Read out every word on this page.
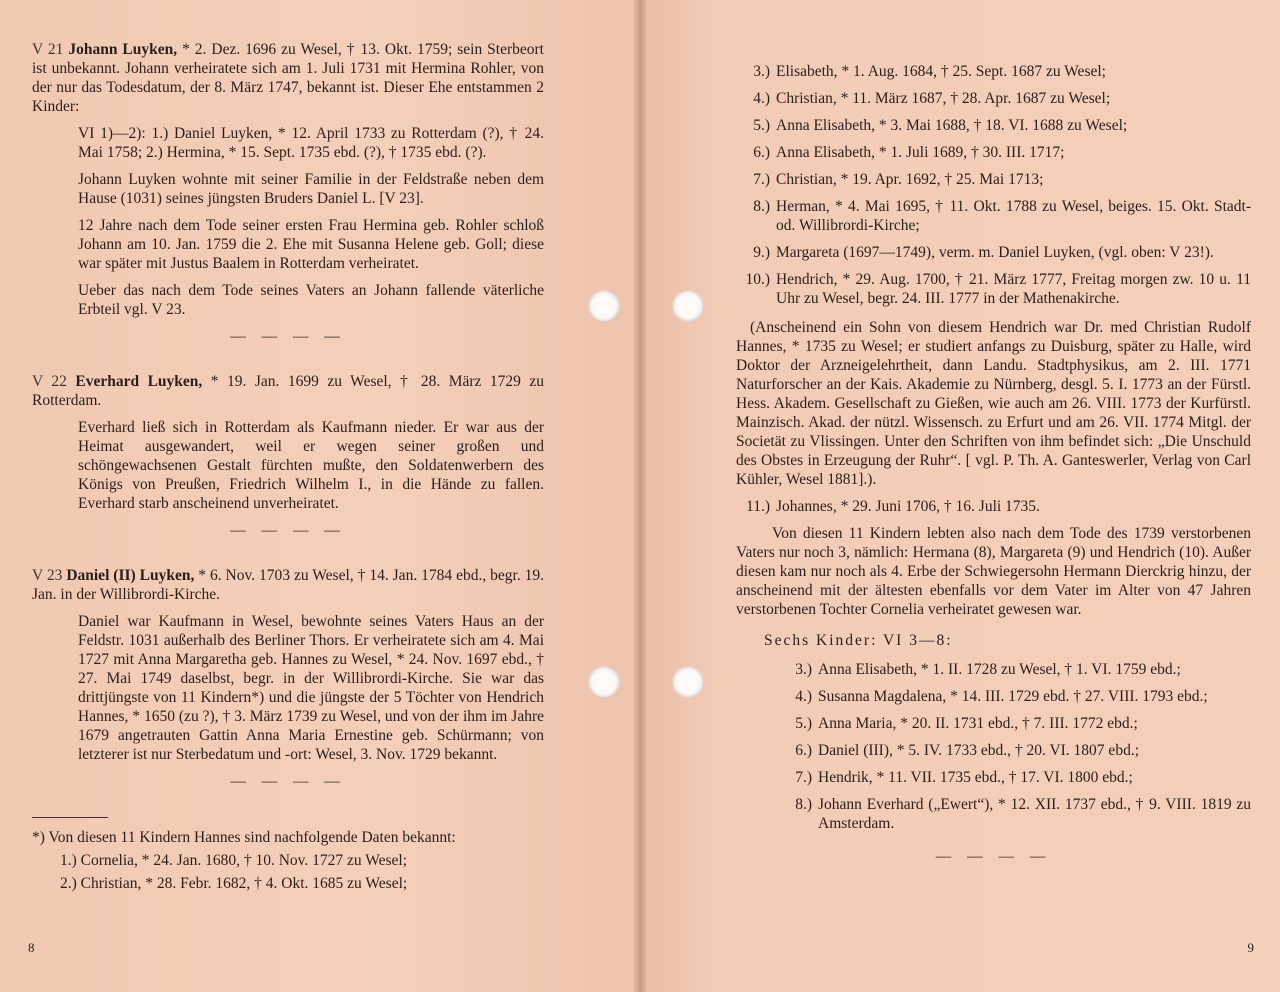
V 21 Johann Luyken, * 2. Dez. 1696 zu Wesel, † 13. Okt. 1759; sein Sterbeort ist unbekannt. Johann verheiratete sich am 1. Juli 1731 mit Hermina Rohler, von der nur das Todesdatum, der 8. März 1747, bekannt ist. Dieser Ehe entstammen 2 Kinder:

VI 1)—2): 1.) Daniel Luyken, * 12. April 1733 zu Rotterdam (?), † 24. Mai 1758; 2.) Hermina, * 15. Sept. 1735 ebd. (?), † 1735 ebd. (?).

Johann Luyken wohnte mit seiner Familie in der Feldstraße neben dem Hause (1031) seines jüngsten Bruders Daniel L. [V 23].

12 Jahre nach dem Tode seiner ersten Frau Hermina geb. Rohler schloß Johann am 10. Jan. 1759 die 2. Ehe mit Susanna Helene geb. Goll; diese war später mit Justus Baalem in Rotterdam verheiratet.

Ueber das nach dem Tode seines Vaters an Johann fallende väterliche Erbteil vgl. V 23.

— — — —

V 22 Everhard Luyken, * 19. Jan. 1699 zu Wesel, † 28. März 1729 zu Rotterdam.

Everhard ließ sich in Rotterdam als Kaufmann nieder. Er war aus der Heimat ausgewandert, weil er wegen seiner großen und schöngewachsenen Gestalt fürchten mußte, den Soldatenwerbern des Königs von Preußen, Friedrich Wilhelm I., in die Hände zu fallen. Everhard starb anscheinend unverheiratet.

— — — —

V 23 Daniel (II) Luyken, * 6. Nov. 1703 zu Wesel, † 14. Jan. 1784 ebd., begr. 19. Jan. in der Willibrordi-Kirche.

Daniel war Kaufmann in Wesel, bewohnte seines Vaters Haus an der Feldstr. 1031 außerhalb des Berliner Thors. Er verheiratete sich am 4. Mai 1727 mit Anna Margaretha geb. Hannes zu Wesel, * 24. Nov. 1697 ebd., † 27. Mai 1749 daselbst, begr. in der Willibrordi-Kirche. Sie war das drittjüngste von 11 Kindern*) und die jüngste der 5 Töchter von Hendrich Hannes, * 1650 (zu ?), † 3. März 1739 zu Wesel, und von der ihm im Jahre 1679 angetrauten Gattin Anna Maria Ernestine geb. Schürmann; von letzterer ist nur Sterbedatum und -ort: Wesel, 3. Nov. 1729 bekannt.

— — — —

*) Von diesen 11 Kindern Hannes sind nachfolgende Daten bekannt:

1.) Cornelia, * 24. Jan. 1680, † 10. Nov. 1727 zu Wesel;

2.) Christian, * 28. Febr. 1682, † 4. Okt. 1685 zu Wesel;

8
3.) Elisabeth, * 1. Aug. 1684, † 25. Sept. 1687 zu Wesel;
4.) Christian, * 11. März 1687, † 28. Apr. 1687 zu Wesel;
5.) Anna Elisabeth, * 3. Mai 1688, † 18. VI. 1688 zu Wesel;
6.) Anna Elisabeth, * 1. Juli 1689, † 30. III. 1717;
7.) Christian, * 19. Apr. 1692, † 25. Mai 1713;
8.) Herman, * 4. Mai 1695, † 11. Okt. 1788 zu Wesel, beiges. 15. Okt. Stadt- od. Willibrordi-Kirche;
9.) Margareta (1697—1749), verm. m. Daniel Luyken, (vgl. oben: V 23!).
10.) Hendrich, * 29. Aug. 1700, † 21. März 1777, Freitag morgen zw. 10 u. 11 Uhr zu Wesel, begr. 24. III. 1777 in der Mathenakirche.

(Anscheinend ein Sohn von diesem Hendrich war Dr. med Christian Rudolf Hannes, * 1735 zu Wesel; er studiert anfangs zu Duisburg, später zu Halle, wird Doktor der Arzneigelehrtheit, dann Landu. Stadtphysikus, am 2. III. 1771 Naturforscher an der Kais. Akademie zu Nürnberg, desgl. 5. I. 1773 an der Fürstl. Hess. Akadem. Gesellschaft zu Gießen, wie auch am 26. VIII. 1773 der Kurfürstl. Mainzisch. Akad. der nützl. Wissensch. zu Erfurt und am 26. VII. 1774 Mitgl. der Societät zu Vlissingen. Unter den Schriften von ihm befindet sich: „Die Unschuld des Obstes in Erzeugung der Ruhr“. [ vgl. P. Th. A. Ganteswerler, Verlag von Carl Kühler, Wesel 1881].).

11.) Johannes, * 29. Juni 1706, † 16. Juli 1735.

Von diesen 11 Kindern lebten also nach dem Tode des 1739 verstorbenen Vaters nur noch 3, nämlich: Hermana (8), Margareta (9) und Hendrich (10). Außer diesen kam nur noch als 4. Erbe der Schwiegersohn Hermann Dierckrig hinzu, der anscheinend mit der ältesten ebenfalls vor dem Vater im Alter von 47 Jahren verstorbenen Tochter Cornelia verheiratet gewesen war.

Sechs Kinder: VI 3—8:
3.) Anna Elisabeth, * 1. II. 1728 zu Wesel, † 1. VI. 1759 ebd.;
4.) Susanna Magdalena, * 14. III. 1729 ebd. † 27. VIII. 1793 ebd.;
5.) Anna Maria, * 20. II. 1731 ebd., † 7. III. 1772 ebd.;
6.) Daniel (III), * 5. IV. 1733 ebd., † 20. VI. 1807 ebd.;
7.) Hendrik, * 11. VII. 1735 ebd., † 17. VI. 1800 ebd.;
8.) Johann Everhard („Ewert“), * 12. XII. 1737 ebd., † 9. VIII. 1819 zu Amsterdam.
— — — —
9
